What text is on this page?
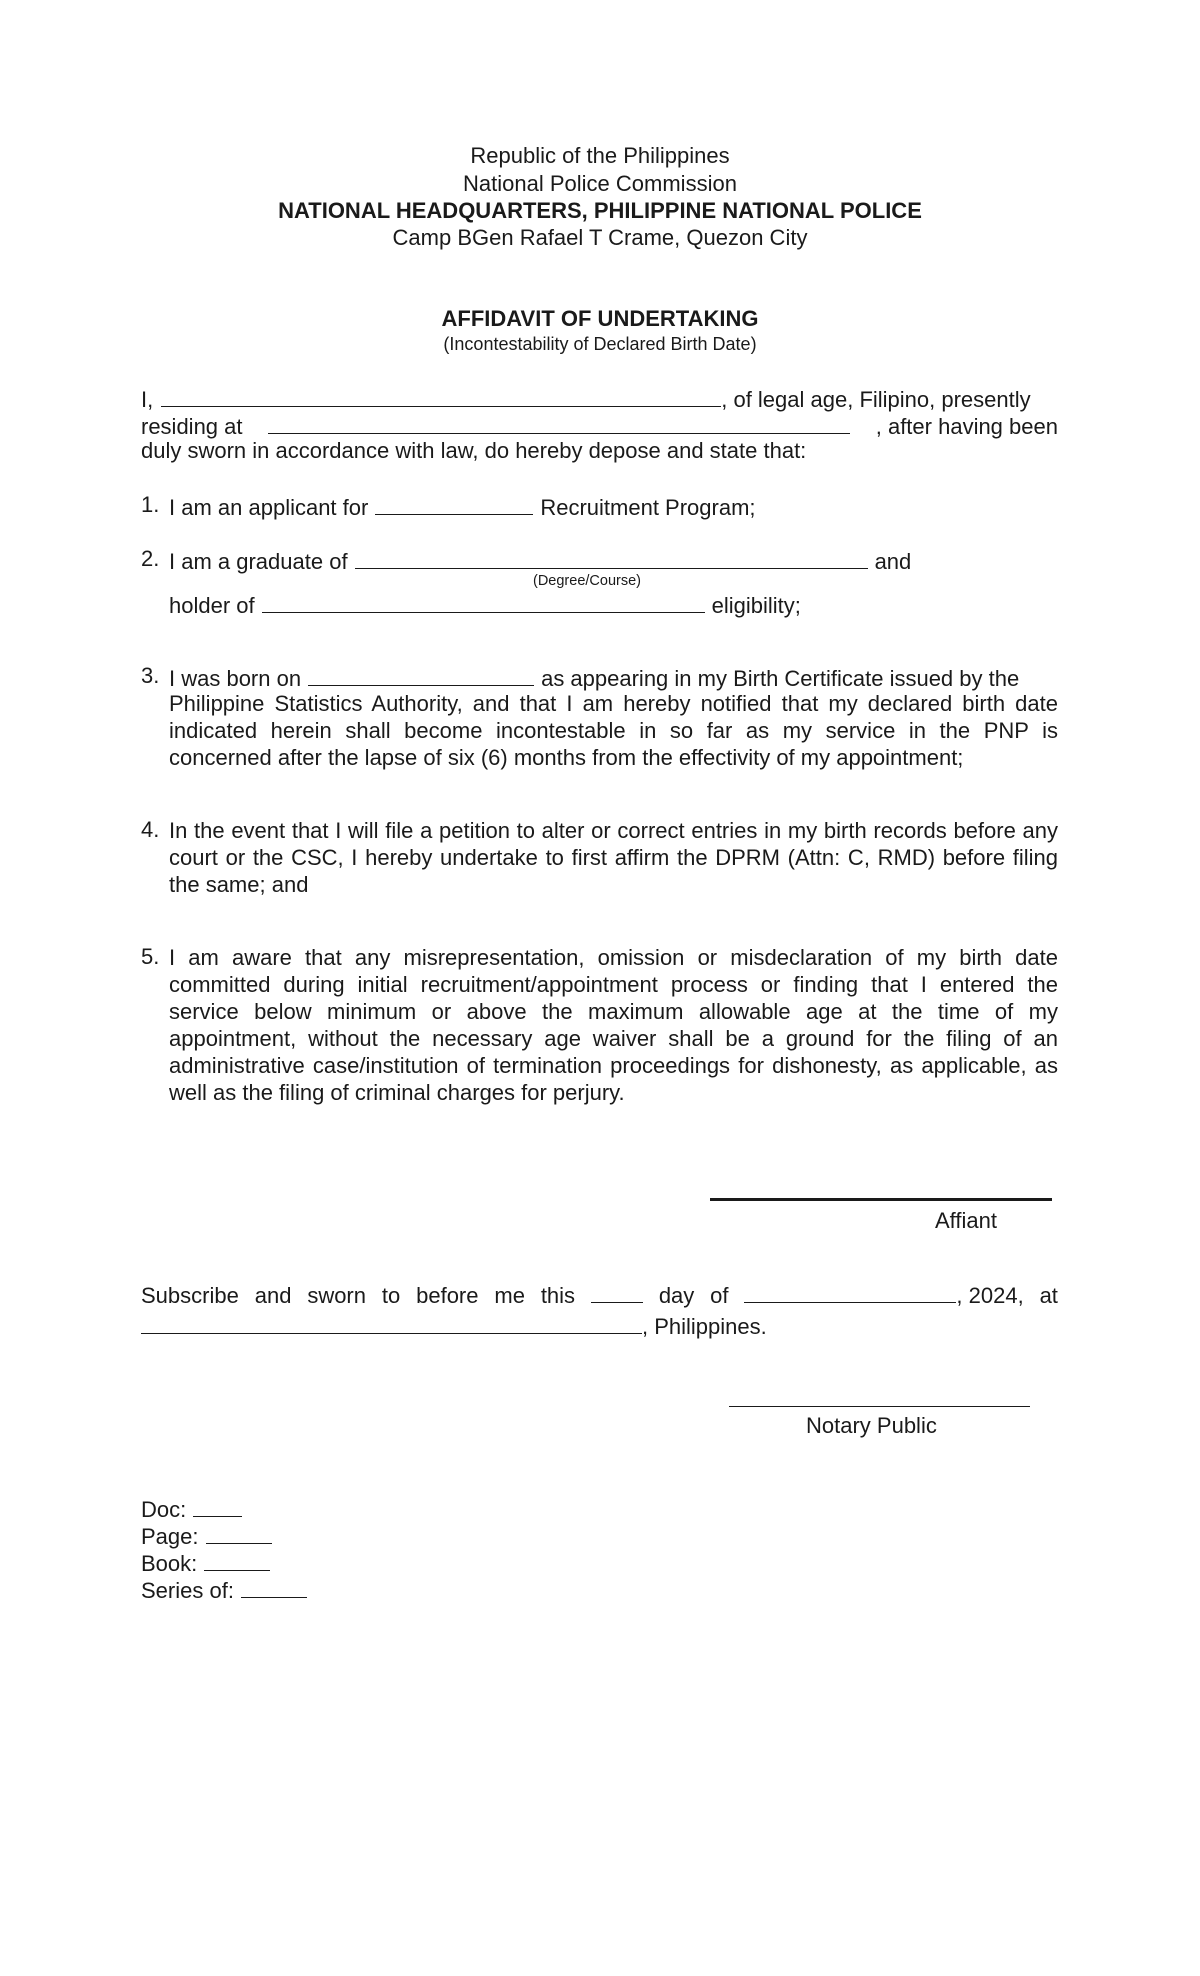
Republic of the Philippines
National Police Commission
NATIONAL HEADQUARTERS, PHILIPPINE NATIONAL POLICE
Camp BGen Rafael T Crame, Quezon City
AFFIDAVIT OF UNDERTAKING
(Incontestability of Declared Birth Date)
I,	, of legal age, Filipino, presently
residing at	, after having been
duly sworn in accordance with law, do hereby depose and state that:
1. I am an applicant for	Recruitment Program;
2. I am a graduate of	and
(Degree/Course)
holder of	eligibility;
3. I was born on	as appearing in my Birth Certificate issued by the
Philippine Statistics Authority, and that I am hereby notified that my declared birth date indicated herein shall become incontestable in so far as my service in the PNP is concerned after the lapse of six (6) months from the effectivity of my appointment;
4. In the event that I will file a petition to alter or correct entries in my birth records before any court or the CSC, I hereby undertake to first affirm the DPRM (Attn: C, RMD) before filing the same; and
5. I am aware that any misrepresentation, omission or misdeclaration of my birth date committed during initial recruitment/appointment process or finding that I entered the service below minimum or above the maximum allowable age at the time of my appointment, without the necessary age waiver shall be a ground for the filing of an administrative case/institution of termination proceedings for dishonesty, as applicable, as well as the filing of criminal charges for perjury.
Affiant
Subscribe and sworn to before me this	day of	, 2024, at
, Philippines.
Notary Public
Doc:
Page:
Book:
Series of:
